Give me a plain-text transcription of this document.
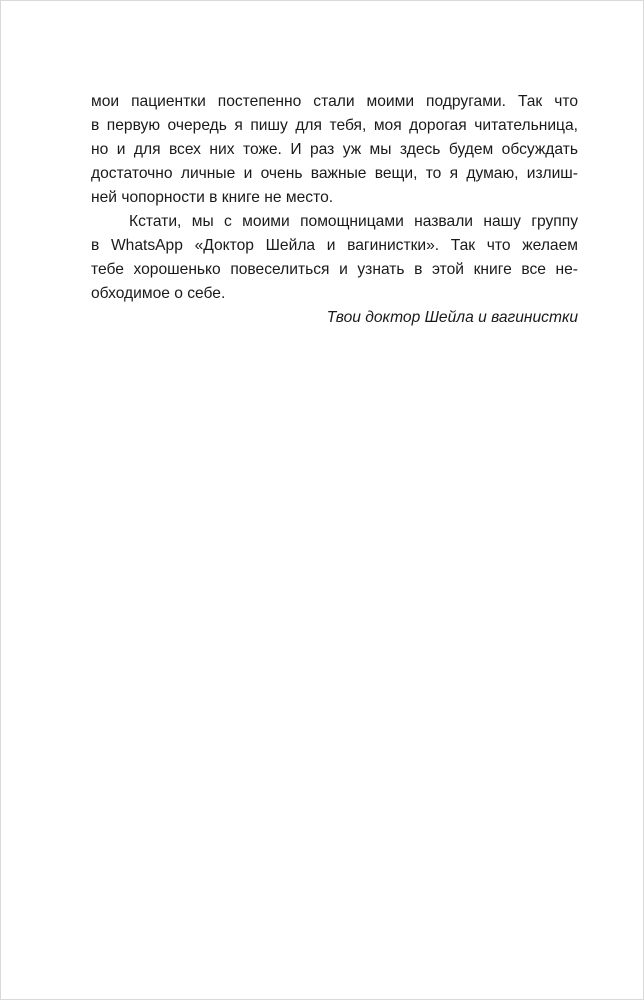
мои пациентки постепенно стали моими подругами. Так что
в первую очередь я пишу для тебя, моя дорогая читательница,
но и для всех них тоже. И раз уж мы здесь будем обсуждать
достаточно личные и очень важные вещи, то я думаю, излиш-
ней чопорности в книге не место.
Кстати, мы с моими помощницами назвали нашу группу
в WhatsApp «Доктор Шейла и вагинистки». Так что желаем
тебе хорошенько повеселиться и узнать в этой книге все не-
обходимое о себе.
Твои доктор Шейла и вагинистки
